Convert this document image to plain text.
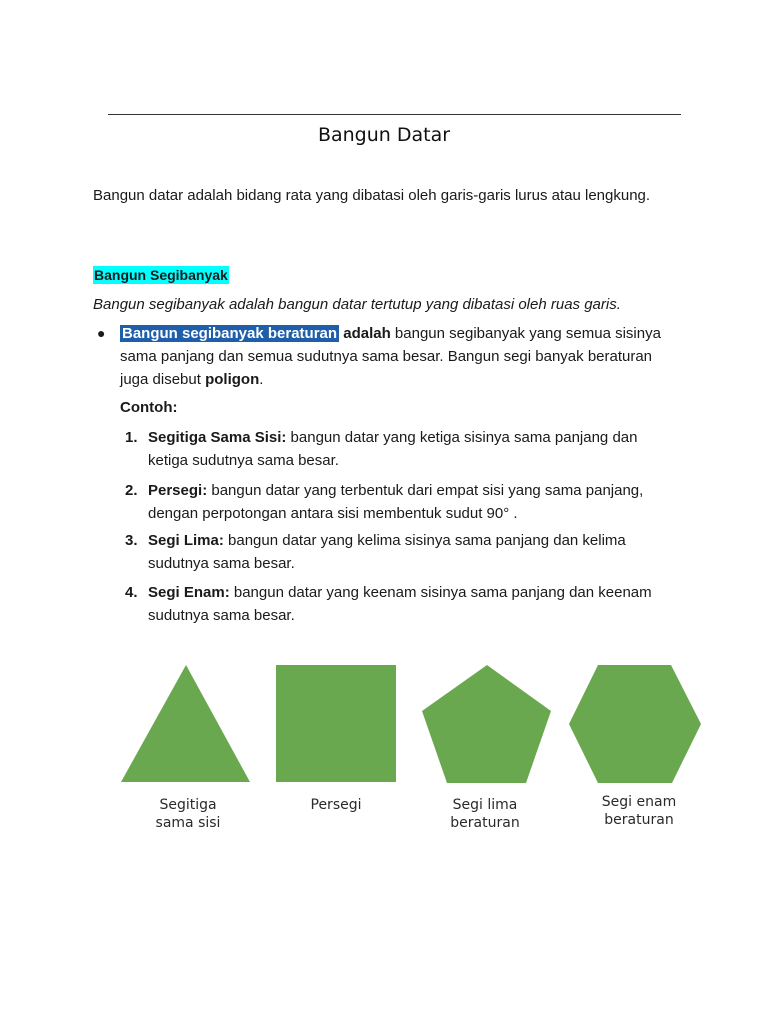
Bangun Datar
Bangun datar adalah bidang rata yang dibatasi oleh garis-garis lurus atau lengkung.
Bangun Segibanyak
Bangun segibanyak adalah bangun datar tertutup yang dibatasi oleh ruas garis.
● Bangun segibanyak beraturan adalah bangun segibanyak yang semua sisinya sama panjang dan semua sudutnya sama besar. Bangun segi banyak beraturan juga disebut poligon.
Contoh:
1. Segitiga Sama Sisi: bangun datar yang ketiga sisinya sama panjang dan ketiga sudutnya sama besar.
2. Persegi: bangun datar yang terbentuk dari empat sisi yang sama panjang, dengan perpotongan antara sisi membentuk sudut 90° .
3. Segi Lima: bangun datar yang kelima sisinya sama panjang dan kelima sudutnya sama besar.
4. Segi Enam: bangun datar yang keenam sisinya sama panjang dan keenam sudutnya sama besar.
Segitiga
sama sisi
Persegi	Segi lima
beraturan
Segi enam
beraturan
